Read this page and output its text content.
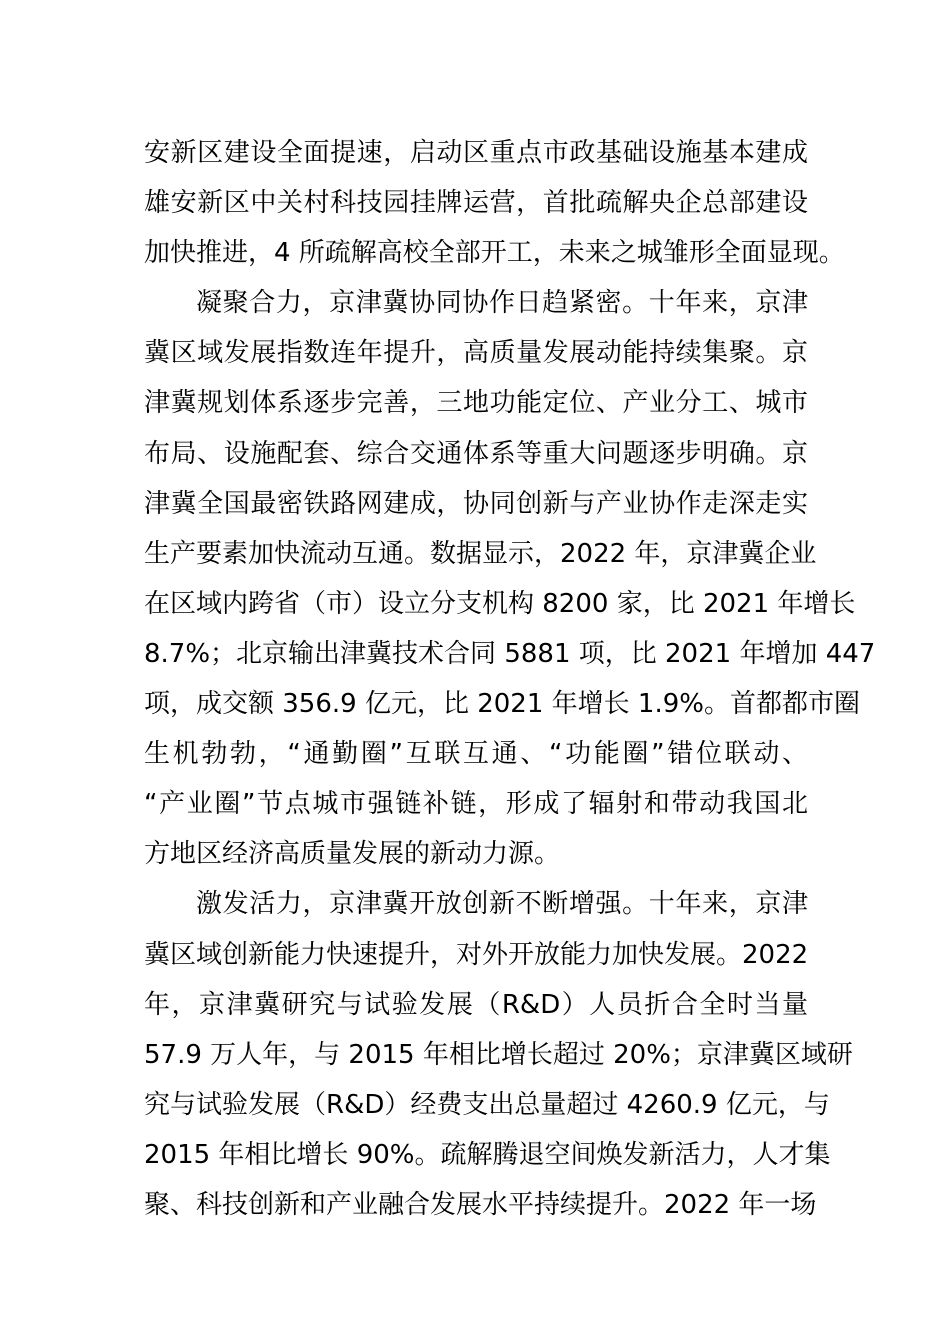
安新区建设全面提速，启动区重点市政基础设施基本建成
雄安新区中关村科技园挂牌运营，首批疏解央企总部建设
加快推进，4 所疏解高校全部开工，未来之城雏形全面显现。
凝聚合力，京津冀协同协作日趋紧密。十年来，京津
冀区域发展指数连年提升，高质量发展动能持续集聚。京
津冀规划体系逐步完善，三地功能定位、产业分工、城市
布局、设施配套、综合交通体系等重大问题逐步明确。京
津冀全国最密铁路网建成，协同创新与产业协作走深走实
生产要素加快流动互通。数据显示，2022 年，京津冀企业
在区域内跨省（市）设立分支机构 8200 家，比 2021 年增长
8.7%；北京输出津冀技术合同 5881 项，比 2021 年增加 447
项，成交额 356.9 亿元，比 2021 年增长 1.9%。首都都市圈
生机勃勃，“通勤圈”互联互通、“功能圈”错位联动、
“产业圈”节点城市强链补链，形成了辐射和带动我国北
方地区经济高质量发展的新动力源。
激发活力，京津冀开放创新不断增强。十年来，京津
冀区域创新能力快速提升，对外开放能力加快发展。2022
年，京津冀研究与试验发展（R&D）人员折合全时当量
57.9 万人年，与 2015 年相比增长超过 20%；京津冀区域研
究与试验发展（R&D）经费支出总量超过 4260.9 亿元，与
2015 年相比增长 90%。疏解腾退空间焕发新活力，人才集
聚、科技创新和产业融合发展水平持续提升。2022 年一场
